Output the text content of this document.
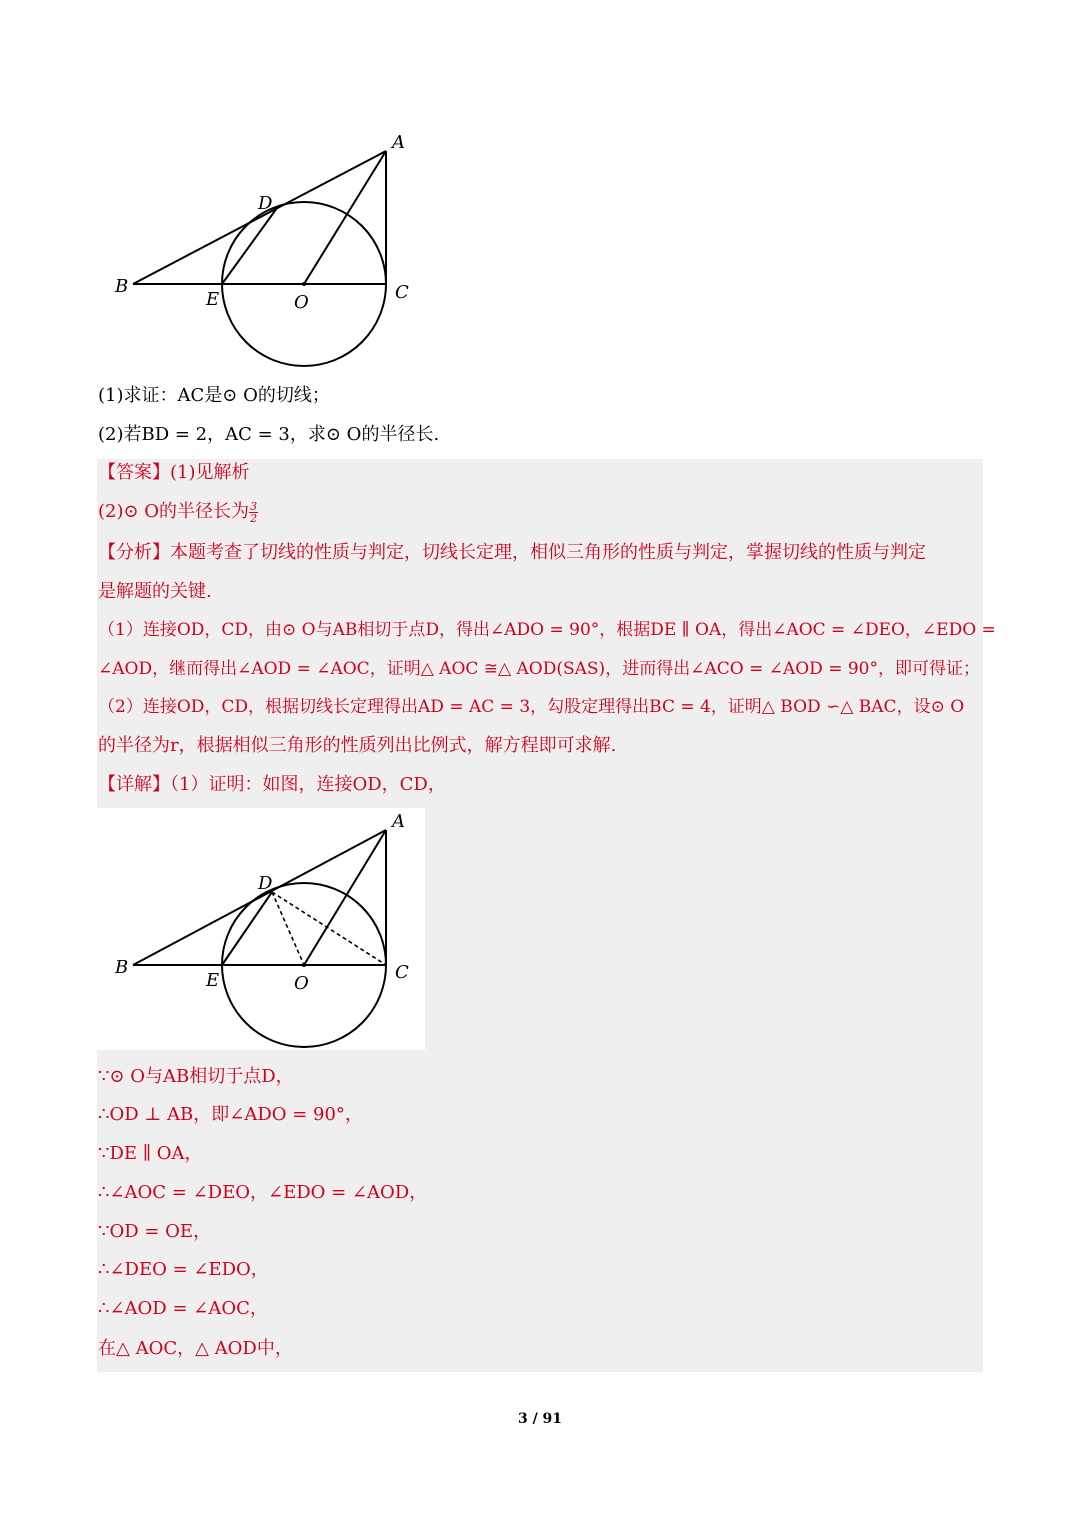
A
B	C
D
E	O
(1)求证：AC是⊙ O的切线；
(2)若BD = 2，AC = 3，求⊙ O的半径长.
【答案】(1)见解析
(2)⊙ O的半径长为 $\frac{3}{2}$
【分析】本题考查了切线的性质与判定，切线长定理，相似三角形的性质与判定，掌握切线的性质与判定
是解题的关键.
（1）连接OD，CD，由⊙ O与AB相切于点D，得出∠ADO = 90°，根据DE ∥ OA，得出∠AOC = ∠DEO，∠EDO =
∠AOD，继而得出∠AOD = ∠AOC，证明△ AOC ≅△ AOD(SAS)，进而得出∠ACO = ∠AOD = 90°，即可得证；
（2）连接OD，CD，根据切线长定理得出AD = AC = 3，勾股定理得出BC = 4，证明△ BOD ∽△ BAC，设⊙ O
的半径为r，根据相似三角形的性质列出比例式，解方程即可求解.
【详解】（1）证明：如图，连接OD，CD，
A
B	C
D
E	O
∵⊙ O与AB相切于点D，
∴OD ⊥ AB，即∠ADO = 90°，
∵DE ∥ OA，
∴∠AOC = ∠DEO，∠EDO = ∠AOD，
∵OD = OE，
∴∠DEO = ∠EDO，
∴∠AOD = ∠AOC，
在△ AOC，△ AOD中，
3 / 91
